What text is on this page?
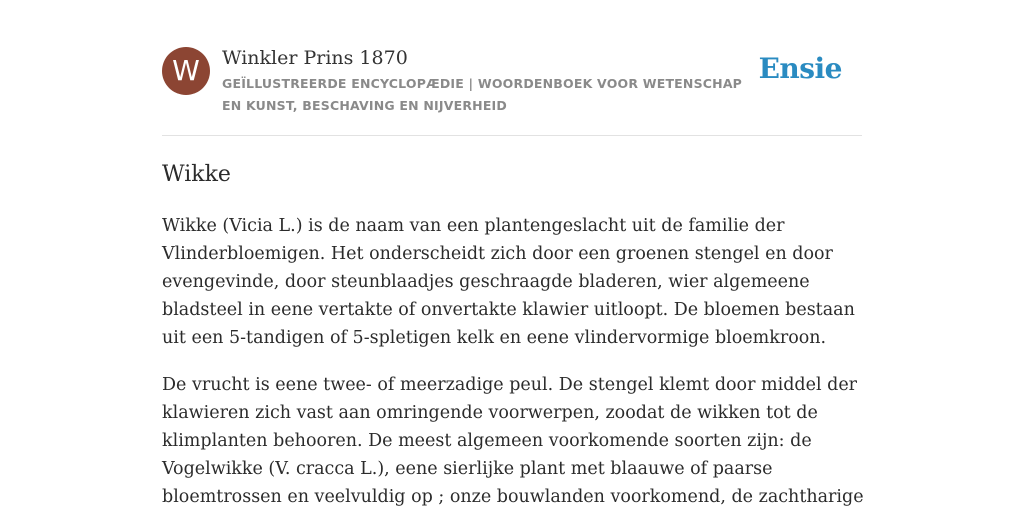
W	Winkler Prins 1870
GEÏLLUSTREERDE ENCYCLOPÆDIE | WOORDENBOEK VOOR WETENSCHAP EN KUNST, BESCHAVING EN NIJVERHEID
Ensie
Wikke

Wikke (Vicia L.) is de naam van een plantengeslacht uit de familie der Vlinderbloemigen. Het onderscheidt zich door een groenen stengel en door evengevinde, door steunblaadjes geschraagde bladeren, wier algemeene bladsteel in eene vertakte of onvertakte klawier uitloopt. De bloemen bestaan uit een 5-tandigen of 5-spletigen kelk en eene vlindervormige bloemkroon.

De vrucht is eene twee- of meerzadige peul. De stengel klemt door middel der klawieren zich vast aan omringende voorwerpen, zoodat de wikken tot de klimplanten behooren. De meest algemeen voorkomende soorten zijn: de Vogelwikke (V. cracca L.), eene sierlijke plant met blaauwe of paarse bloemtrossen en veelvuldig op ; onze bouwlanden voorkomend, de zachtharige
